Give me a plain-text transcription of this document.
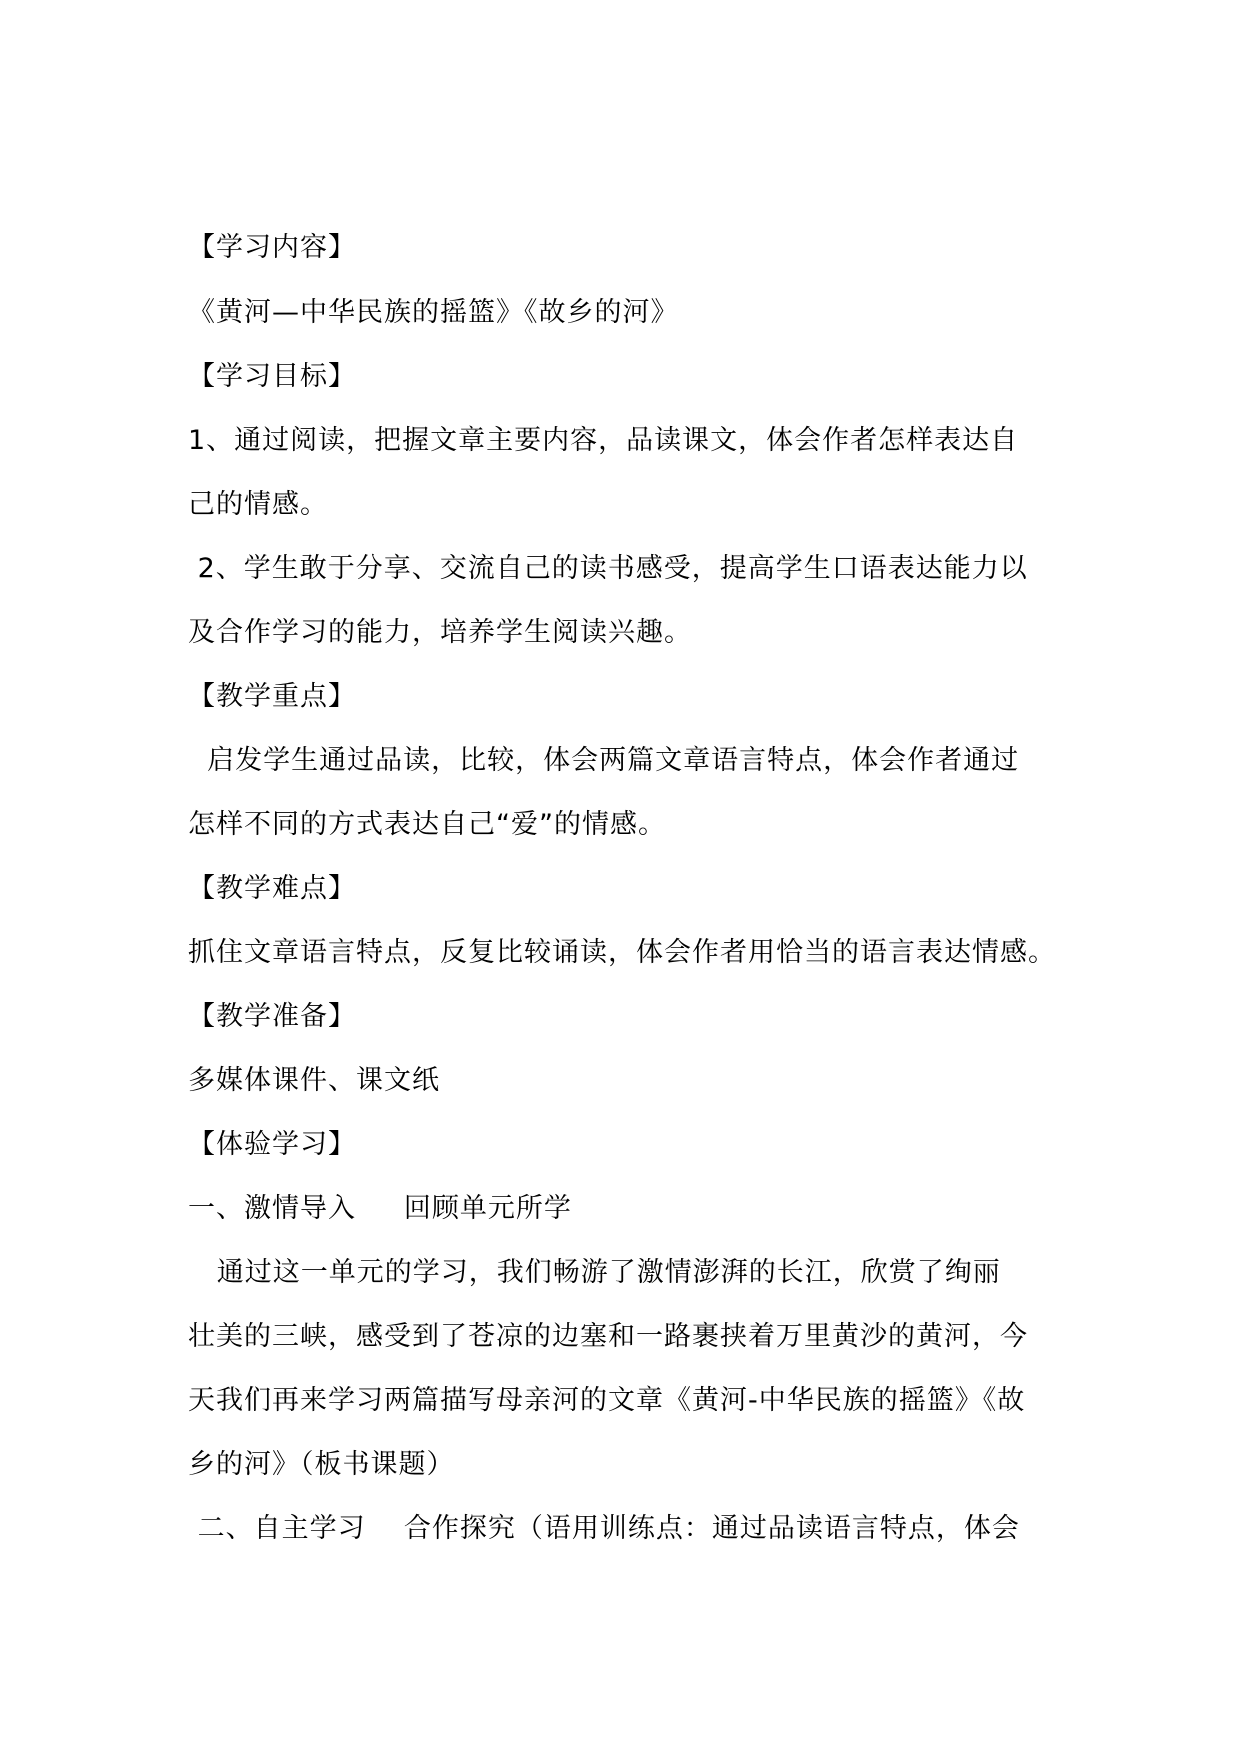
【学习内容】
《黄河—中华民族的摇篮》《故乡的河》
【学习目标】
1、通过阅读，把握文章主要内容，品读课文，体会作者怎样表达自
己的情感。
2、学生敢于分享、交流自己的读书感受，提高学生口语表达能力以
及合作学习的能力，培养学生阅读兴趣。
【教学重点】
启发学生通过品读，比较，体会两篇文章语言特点，体会作者通过
怎样不同的方式表达自己“爱”的情感。
【教学难点】
抓住文章语言特点，反复比较诵读，体会作者用恰当的语言表达情感。
【教学准备】
多媒体课件、课文纸
【体验学习】
一、激情导入     回顾单元所学
通过这一单元的学习，我们畅游了激情澎湃的长江，欣赏了绚丽
壮美的三峡，感受到了苍凉的边塞和一路裹挟着万里黄沙的黄河，今
天我们再来学习两篇描写母亲河的文章《黄河-中华民族的摇篮》《故
乡的河》（板书课题）
二、自主学习    合作探究（语用训练点：通过品读语言特点，体会
